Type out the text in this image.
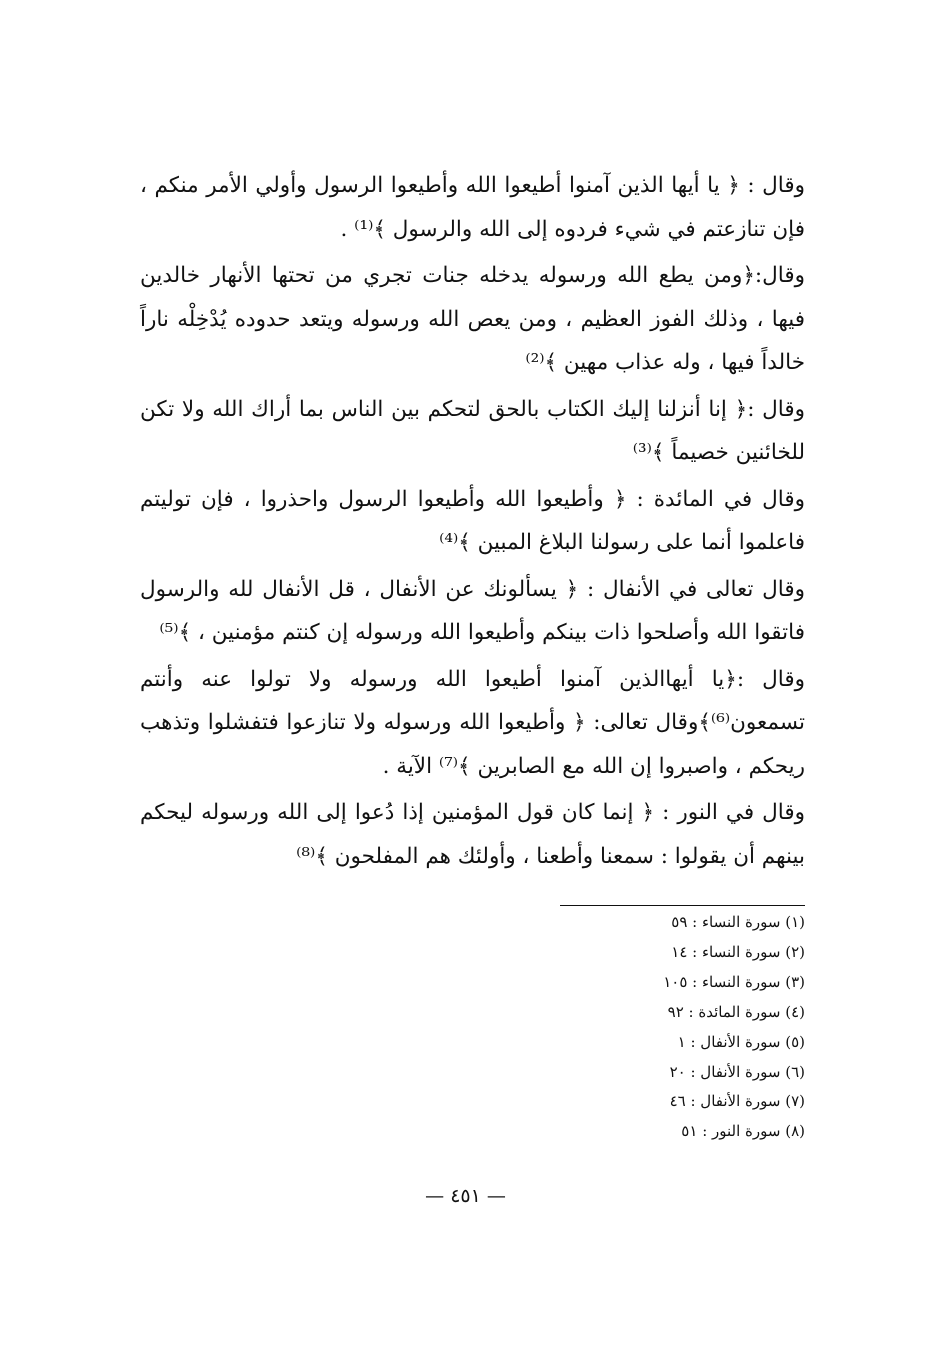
وقال : ﴿ يا أيها الذين آمنوا أطيعوا الله وأطيعوا الرسول وأولي الأمر منكم ، فإن تنازعتم في شيء فردوه إلى الله والرسول ﴾⁽¹⁾ .

وقال:﴿ومن يطع الله ورسوله يدخله جنات تجري من تحتها الأنهار خالدين فيها ، وذلك الفوز العظيم ، ومن يعص الله ورسوله ويتعد حدوده يُدْخِلْه ناراً خالداً فيها ، وله عذاب مهين ﴾⁽²⁾

وقال :﴿ إنا أنزلنا إليك الكتاب بالحق لتحكم بين الناس بما أراك الله ولا تكن للخائنين خصيماً ﴾⁽³⁾

وقال في المائدة : ﴿ وأطيعوا الله وأطيعوا الرسول واحذروا ، فإن توليتم فاعلموا أنما على رسولنا البلاغ المبين ﴾⁽⁴⁾

وقال تعالى في الأنفال : ﴿ يسألونك عن الأنفال ، قل الأنفال لله والرسول فاتقوا الله وأصلحوا ذات بينكم وأطيعوا الله ورسوله إن كنتم مؤمنين ، ﴾⁽⁵⁾

وقال :﴿يا أيهاالذين آمنوا أطيعوا الله ورسوله ولا تولوا عنه وأنتم تسمعون⁽⁶⁾﴾وقال تعالى: ﴿ وأطيعوا الله ورسوله ولا تنازعوا فتفشلوا وتذهب ريحكم ، واصبروا إن الله مع الصابرين ﴾⁽⁷⁾ الآية .

وقال في النور : ﴿ إنما كان قول المؤمنين إذا دُعوا إلى الله ورسوله ليحكم بينهم أن يقولوا : سمعنا وأطعنا ، وأولئك هم المفلحون ﴾⁽⁸⁾

(١) سورة النساء : ٥٩

(٢) سورة النساء : ١٤

(٣) سورة النساء : ١٠٥

(٤) سورة المائدة : ٩٢

(٥) سورة الأنفال : ١

(٦) سورة الأنفال : ٢٠

(٧) سورة الأنفال : ٤٦

(٨) سورة النور : ٥١

— ٤٥١ —
